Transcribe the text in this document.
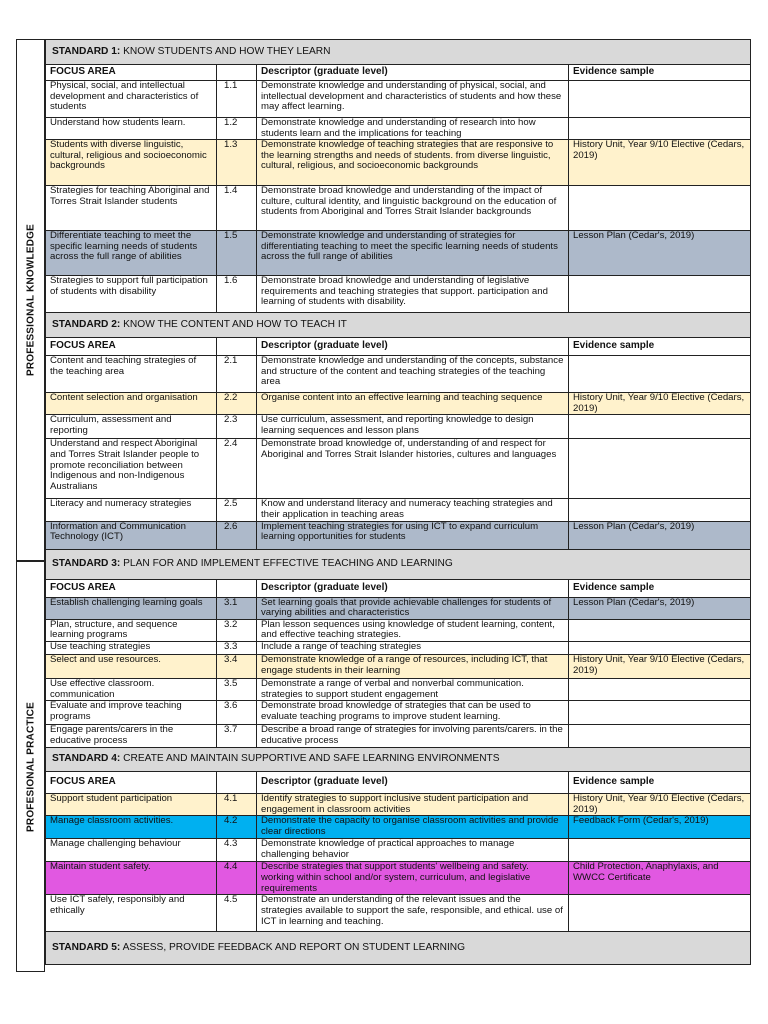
PROFESSIONAL KNOWLEDGE
PROFESIONAL PRACTICE
STANDARD 1: KNOW STUDENTS AND HOW THEY LEARN			
FOCUS AREA		Descriptor (graduate level)	Evidence sample
Physical, social, and intellectual development and characteristics of students	1.1	Demonstrate knowledge and understanding of physical, social, and intellectual development and characteristics of students and how these may affect learning.	
Understand how students learn.	1.2	Demonstrate knowledge and understanding of research into how students learn and the implications for teaching	
Students with diverse linguistic, cultural, religious and socioeconomic backgrounds	1.3	Demonstrate knowledge of teaching strategies that are responsive to the learning strengths and needs of students. from diverse linguistic, cultural, religious, and socioeconomic backgrounds	History Unit, Year 9/10 Elective (Cedars, 2019)
Strategies for teaching Aboriginal and Torres Strait Islander students	1.4	Demonstrate broad knowledge and understanding of the impact of culture, cultural identity, and linguistic background on the education of students from Aboriginal and Torres Strait Islander backgrounds	
Differentiate teaching to meet the specific learning needs of students across the full range of abilities	1.5	Demonstrate knowledge and understanding of strategies for differentiating teaching to meet the specific learning needs of students across the full range of abilities	Lesson Plan (Cedar's, 2019)
Strategies to support full participation of students with disability	1.6	Demonstrate broad knowledge and understanding of legislative requirements and teaching strategies that support. participation and learning of students with disability.	
STANDARD 2: KNOW THE CONTENT AND HOW TO TEACH IT			
FOCUS AREA		Descriptor (graduate level)	Evidence sample
Content and teaching strategies of the teaching area	2.1	Demonstrate knowledge and understanding of the concepts, substance and structure of the content and teaching strategies of the teaching area	
Content selection and organisation	2.2	Organise content into an effective learning and teaching sequence	History Unit, Year 9/10 Elective (Cedars, 2019)
Curriculum, assessment and reporting	2.3	Use curriculum, assessment, and reporting knowledge to design learning sequences and lesson plans	
Understand and respect Aboriginal and Torres Strait Islander people to promote reconciliation between Indigenous and non-Indigenous Australians	2.4	Demonstrate broad knowledge of, understanding of and respect for Aboriginal and Torres Strait Islander histories, cultures and languages	
Literacy and numeracy strategies	2.5	Know and understand literacy and numeracy teaching strategies and their application in teaching areas	
Information and Communication Technology (ICT)	2.6	Implement teaching strategies for using ICT to expand curriculum learning opportunities for students	Lesson Plan (Cedar's, 2019)
STANDARD 3: PLAN FOR AND IMPLEMENT EFFECTIVE TEACHING AND LEARNING			
FOCUS AREA		Descriptor (graduate level)	Evidence sample
Establish challenging learning goals	3.1	Set learning goals that provide achievable challenges for students of varying abilities and characteristics	Lesson Plan (Cedar's, 2019)
Plan, structure, and sequence learning programs	3.2	Plan lesson sequences using knowledge of student learning, content, and effective teaching strategies.	
Use teaching strategies	3.3	Include a range of teaching strategies	
Select and use resources.	3.4	Demonstrate knowledge of a range of resources, including ICT, that engage students in their learning	History Unit, Year 9/10 Elective (Cedars, 2019)
Use effective classroom. communication	3.5	Demonstrate a range of verbal and nonverbal communication. strategies to support student engagement	
Evaluate and improve teaching programs	3.6	Demonstrate broad knowledge of strategies that can be used to evaluate teaching programs to improve student learning.	
Engage parents/carers in the educative process	3.7	Describe a broad range of strategies for involving parents/carers. in the educative process	
STANDARD 4: CREATE AND MAINTAIN SUPPORTIVE AND SAFE LEARNING ENVIRONMENTS			
FOCUS AREA		Descriptor (graduate level)	Evidence sample
Support student participation	4.1	Identify strategies to support inclusive student participation and engagement in classroom activities	History Unit, Year 9/10 Elective (Cedars, 2019)
Manage classroom activities.	4.2	Demonstrate the capacity to organise classroom activities and provide clear directions	Feedback Form (Cedar's, 2019)
Manage challenging behaviour	4.3	Demonstrate knowledge of practical approaches to manage challenging behavior	
Maintain student safety.	4.4	Describe strategies that support students' wellbeing and safety. working within school and/or system, curriculum, and legislative requirements	Child Protection, Anaphylaxis, and WWCC Certificate
Use ICT safely, responsibly and ethically	4.5	Demonstrate an understanding of the relevant issues and the strategies available to support the safe, responsible, and ethical. use of ICT in learning and teaching.	
STANDARD 5: ASSESS, PROVIDE FEEDBACK AND REPORT ON STUDENT LEARNING			
